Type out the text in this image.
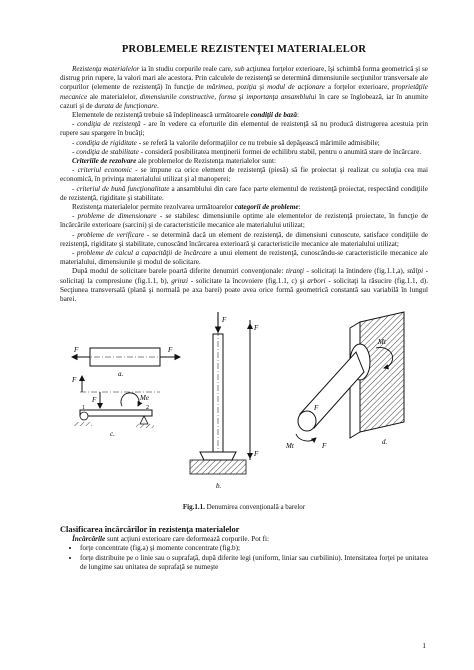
PROBLEMELE REZISTENŢEI MATERIALELOR

Rezistenţa materialelor ia în studiu corpurile reale care, sub acţiunea forţelor exterioare, îşi schimbă forma geometrică şi se distrug prin rupere, la valori mari ale acestora. Prin calculele de rezistenţă se determină dimensiunile secţiunilor transversale ale corpurilor (elemente de rezistenţă) în funcţie de mărimea, poziţia şi modul de acţionare a forţelor exterioare, proprietăţile mecanice ale materialelor, dimensiunile constructive, forma şi importanţa ansamblului în care se înglobează, iar în anumite cazuri şi de durata de funcţionare.

Elementele de rezistenţă trebuie să îndeplinească următoarele condiţii de bază:

- condiţia de rezistenţă - are în vedere ca eforturile din elementul de rezistenţă să nu producă distrugerea acestuia prin rupere sau spargere în bucăţi;

- condiţia de rigiditate - se referă la valorile deformaţiilor ce nu trebuie să depăşească mărimile admisibile;

- condiţia de stabilitate - consideră posibilitatea menţinerii formei de echilibru stabil, pentru o anumită stare de încărcare.

Criteriile de rezolvare ale problemelor de Rezistenţa materialelor sunt:

- criteriul economic - se impune ca orice element de rezistenţă (piesă) să fie proiectat şi realizat cu soluţia cea mai economică, în privinţa materialului utilizat şi al manoperei;

- criteriul de bună funcţionalitate a ansamblului din care face parte elementul de rezistenţă proiectat, respectând condiţiile de rezistenţă, rigiditate şi stabilitate.

Rezistenţa materialelor permite rezolvarea următoarelor categorii de probleme:

- probleme de dimensionare - se stabilesc dimensiunile optime ale elementelor de rezistenţă proiectate, în funcţie de încărcările exterioare (sarcini) şi de caracteristicile mecanice ale materialului utilizat;

- probleme de verificare - se determină dacă un element de rezistenţă, de dimensiuni cunoscute, satisface condiţiile de rezistenţă, rigiditate şi stabilitate, cunoscând încărcarea exterioară şi caracteristicile mecanice ale materialului utilizat;

- probleme de calcul a capacităţii de încărcare a unui element de rezistenţă, cunoscându-se caracteristicile mecanice ale materialului, dimensiunile şi modul de solicitare.

După modul de solicitare barele poartă diferite denumiri convenţionale: tiranţi - solicitaţi la întindere (fig.1.1,a), stâlpi - solicitaţi la compresiune (fig.1.1, b), grinzi - solicitate la încovoiere (fig.1.1, c) şi arbori - solicitaţi la răsucire (fig.1.1, d). Secţiunea transversală (plană şi normală pe axa barei) poate avea orice formă geometrică constantă sau variabilă în lungul barei.

F	F
a.
F
F	Me
1	2
c.
F
b.
F
F
Mt
Mt
F
F	d.
Fig.1.1. Denumirea convenţională a barelor
Clasificarea încărcărilor în rezistenţa materialelor

Încărcările sunt acţiuni exterioare care deformează corpurile. Pot fi:

• forţe concentrate (fig.a) şi momente concentrate (fig.b);
• forţe distribuite pe o linie sau o suprafaţă, după diferite legi (uniform, liniar sau curbiliniu). Intensitatea forţei pe unitatea de lungime sau unitatea de suprafaţă se numeşte
1
